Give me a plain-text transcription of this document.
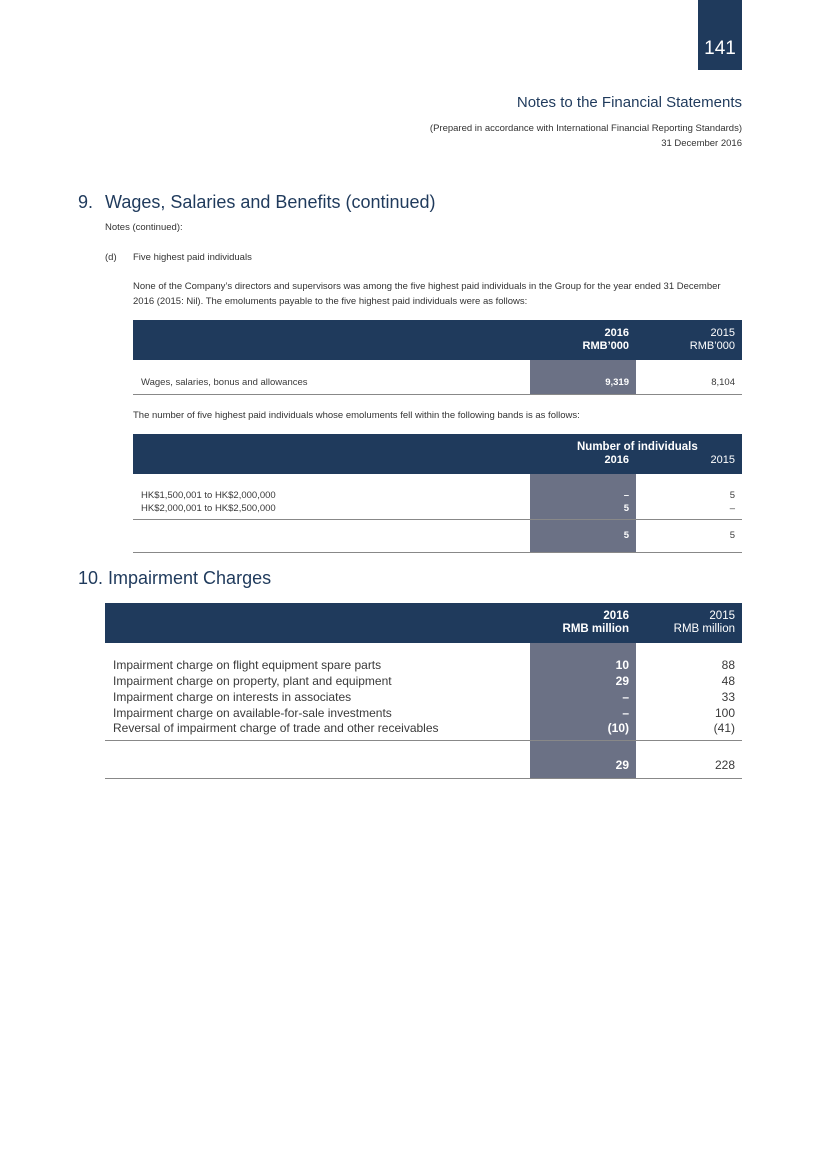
141
Notes to the Financial Statements
(Prepared in accordance with International Financial Reporting Standards)
31 December 2016
9. Wages, Salaries and Benefits (continued)
Notes (continued):
(d) Five highest paid individuals
None of the Company’s directors and supervisors was among the five highest paid individuals in the Group for the year ended 31 December 2016 (2015: Nil). The emoluments payable to the five highest paid individuals were as follows:
	2016	2015
	RMB’000	RMB’000
Wages, salaries, bonus and allowances	9,319	8,104
The number of five highest paid individuals whose emoluments fell within the following bands is as follows:
	Number of individuals	
	2016	2015
HK$1,500,001 to HK$2,000,000	–	5
HK$2,000,001 to HK$2,500,000	5	–
	5	5
10. Impairment Charges
	2016	2015
	RMB million	RMB million
Impairment charge on flight equipment spare parts	10	88
Impairment charge on property, plant and equipment	29	48
Impairment charge on interests in associates	–	33
Impairment charge on available-for-sale investments	–	100
Reversal of impairment charge of trade and other receivables	(10)	(41)
	29	228
